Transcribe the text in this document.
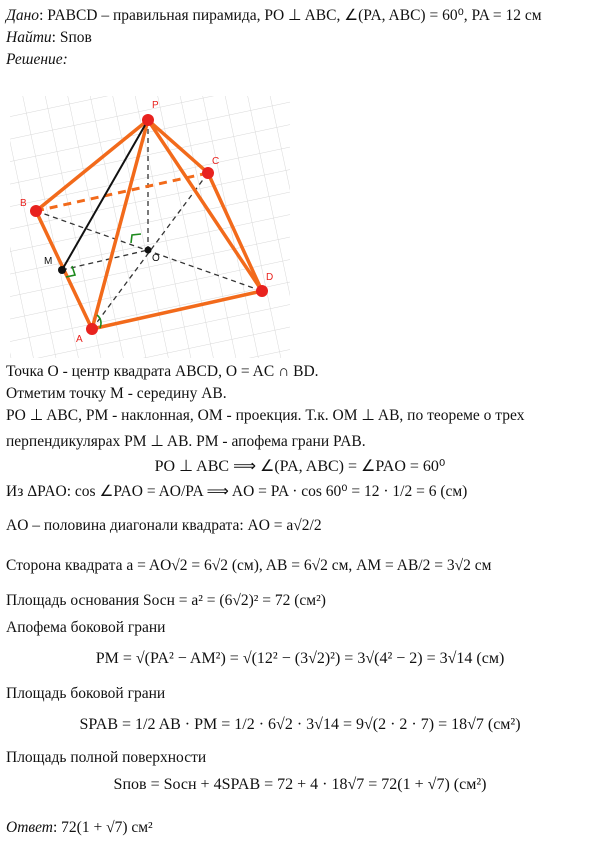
Дано: PABCD – правильная пирамида, PO ⊥ ABC, ∠(PA, ABC) = 60⁰, PA = 12 см
Найти: Sпов
Решение:
P
B
C
D
A
M	O
Точка O - центр квадрата ABCD, O = AC ∩ BD.
Отметим точку M - середину AB.
PO ⊥ ABC, PM - наклонная, OM - проекция. Т.к. OM ⊥ AB, по теореме о трех
перпендикулярах PM ⊥ AB. PM - апофема грани PAB.
PO ⊥ ABC ⟹ ∠(PA, ABC) = ∠PAO = 60⁰
Из ΔPAO: cos ∠PAO = AO/PA ⟹ AO = PA · cos 60⁰ = 12 · 1/2 = 6 (см)
AO – половина диагонали квадрата: AO = a√2/2
Сторона квадрата a = AO√2 = 6√2 (см), AB = 6√2 см, AM = AB/2 = 3√2 см
Площадь основания Sосн = a² = (6√2)² = 72 (см²)
Апофема боковой грани
PM = √(PA² − AM²) = √(12² − (3√2)²) = 3√(4² − 2) = 3√14 (см)
Площадь боковой грани
SPAB = 1/2 AB · PM = 1/2 · 6√2 · 3√14 = 9√(2 · 2 · 7) = 18√7 (см²)
Площадь полной поверхности
Sпов = Sосн + 4SPAB = 72 + 4 · 18√7 = 72(1 + √7) (см²)
Ответ: 72(1 + √7) см²
